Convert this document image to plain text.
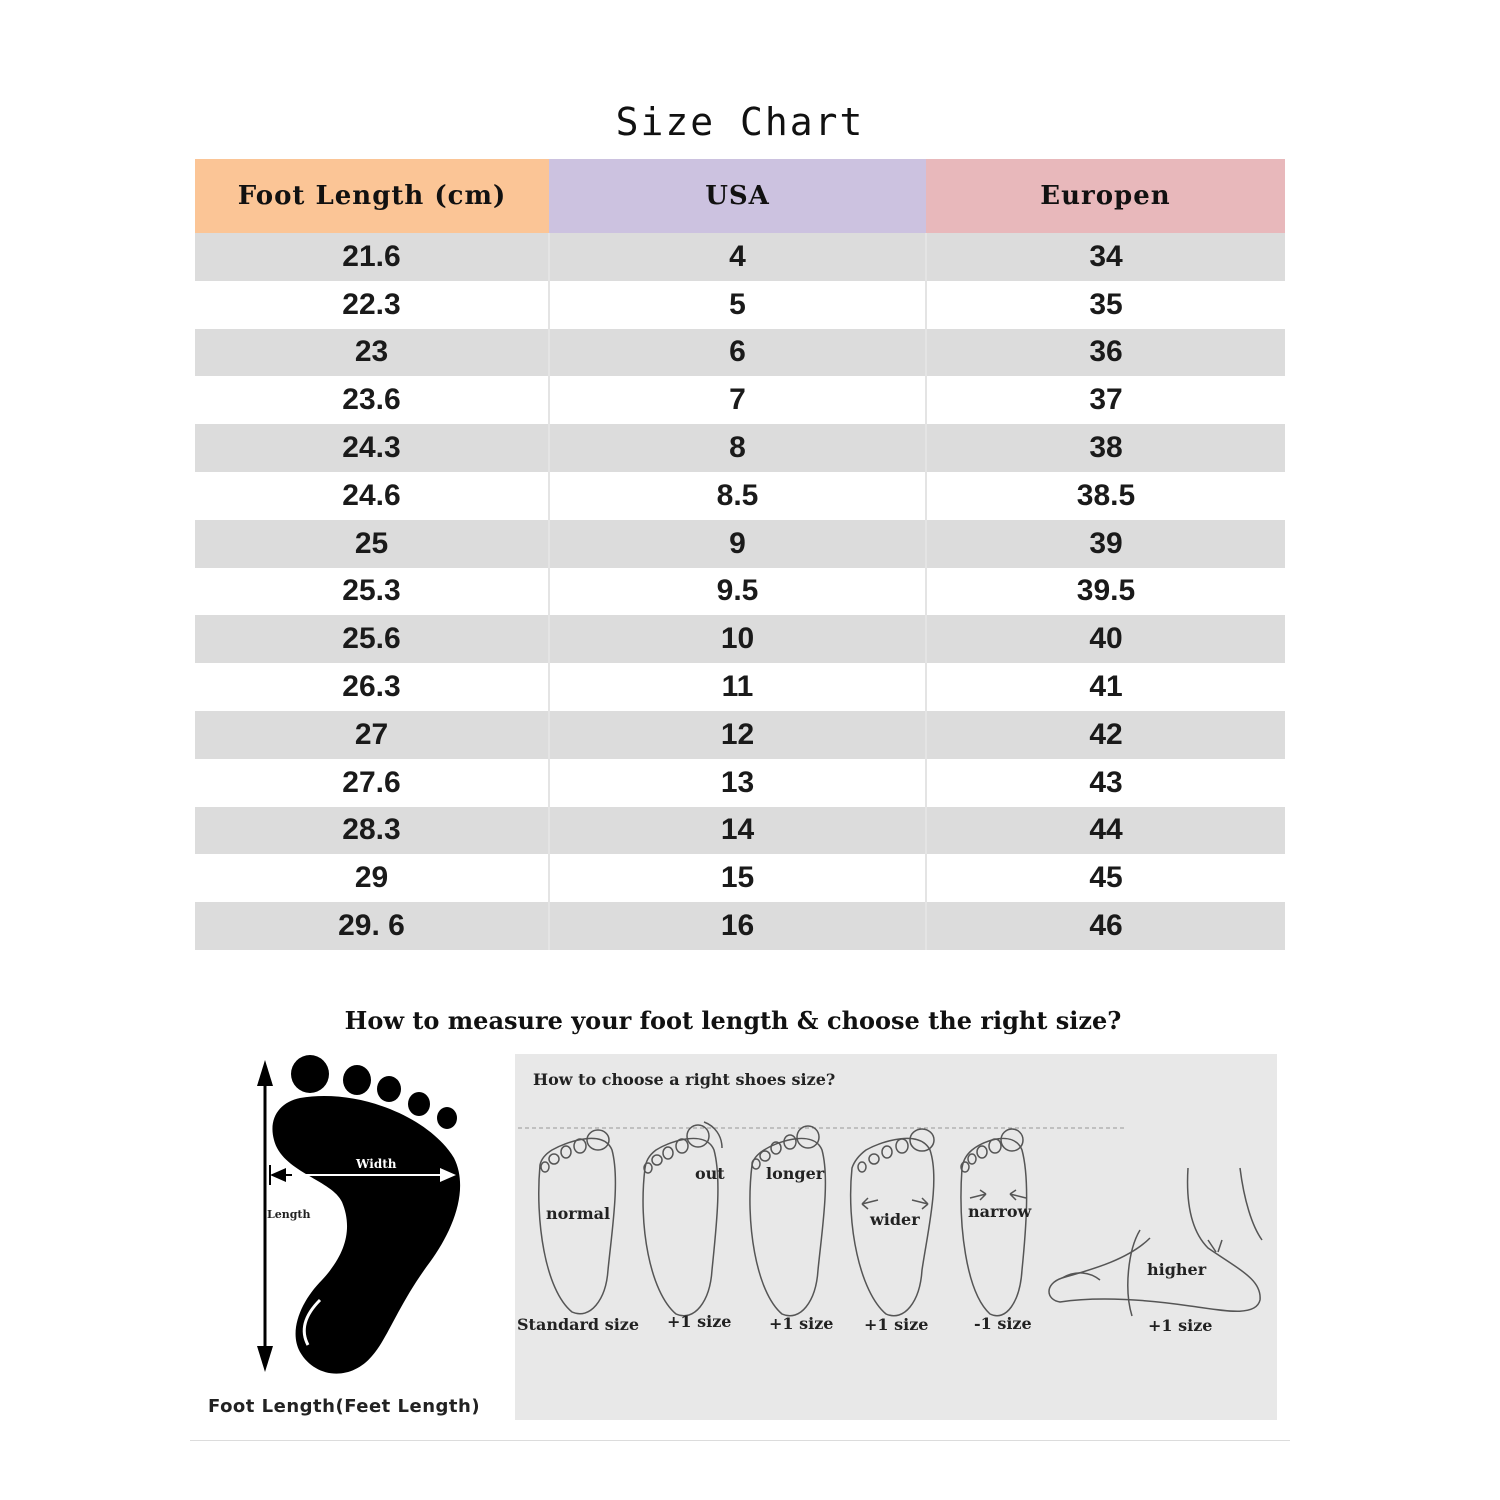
Size Chart
Foot Length (cm)	USA	Europen
21.6	4	34
22.3	5	35
23	6	36
23.6	7	37
24.3	8	38
24.6	8.5	38.5
25	9	39
25.3	9.5	39.5
25.6	10	40
26.3	11	41
27	12	42
27.6	13	43
28.3	14	44
29	15	45
29. 6	16	46
How to measure your foot length & choose the right size?
Width
Length
Foot Length(Feet Length)
How to choose a right shoes size?
normal
out	longer
wider	narrow
higher
Standard size +1 size +1 size +1 size	-1 size	+1 size
